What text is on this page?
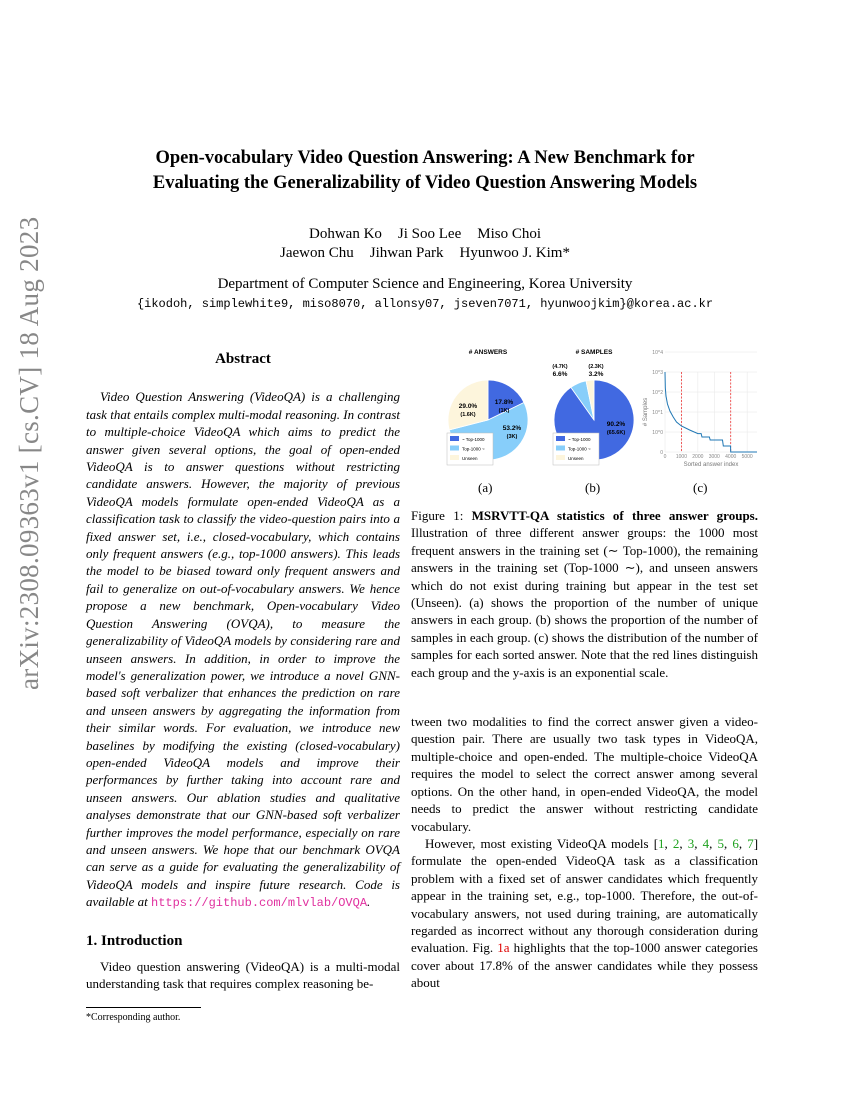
arXiv:2308.09363v1 [cs.CV] 18 Aug 2023
Open-vocabulary Video Question Answering: A New Benchmark for
Evaluating the Generalizability of Video Question Answering Models
Dohwan Ko Ji Soo Lee Miso Choi
Jaewon Chu Jihwan Park Hyunwoo J. Kim*
Department of Computer Science and Engineering, Korea University
{ikodoh, simplewhite9, miso8070, allonsy07, jseven7071, hyunwoojkim}@korea.ac.kr
Abstract
Video Question Answering (VideoQA) is a challenging task that entails complex multi-modal reasoning. In contrast to multiple-choice VideoQA which aims to predict the answer given several options, the goal of open-ended VideoQA is to answer questions without restricting candidate answers. However, the majority of previous VideoQA models formulate open-ended VideoQA as a classification task to classify the video-question pairs into a fixed answer set, i.e., closed-vocabulary, which contains only frequent answers (e.g., top-1000 answers). This leads the model to be biased toward only frequent answers and fail to generalize on out-of-vocabulary answers. We hence propose a new benchmark, Open-vocabulary Video Question Answering (OVQA), to measure the generalizability of VideoQA models by considering rare and unseen answers. In addition, in order to improve the model's generalization power, we introduce a novel GNN-based soft verbalizer that enhances the prediction on rare and unseen answers by aggregating the information from their similar words. For evaluation, we introduce new baselines by modifying the existing (closed-vocabulary) open-ended VideoQA models and improve their performances by further taking into account rare and unseen answers. Our ablation studies and qualitative analyses demonstrate that our GNN-based soft verbalizer further improves the model performance, especially on rare and unseen answers. We hope that our benchmark OVQA can serve as a guide for evaluating the generalizability of VideoQA models and inspire future research. Code is available at https://github.com/mlvlab/OVQA.
1. Introduction
Video question answering (VideoQA) is a multi-modal understanding task that requires complex reasoning be-
*Corresponding author.
# ANSWERS
~ Top-1000
Top-1000 ~
Unseen
17.8%
(1K)
53.2%
(3K)
29.0%
(1.6K)
# SAMPLES
~ Top-1000
Top-1000 ~
Unseen
90.2%
(65.6K)
6.6%
(4.7K)
3.2%
(2.3K)
0
10^0
10^1
10^2
10^3
10^4
0 1000 2000 3000 4000 5000
Sorted answer index
# Samples
(a)	(b)	(c)
Figure 1: MSRVTT-QA statistics of three answer groups. Illustration of three different answer groups: the 1000 most frequent answers in the training set (∼ Top-1000), the remaining answers in the training set (Top-1000 ∼), and unseen answers which do not exist during training but appear in the test set (Unseen). (a) shows the proportion of the number of unique answers in each group. (b) shows the proportion of the number of samples in each group. (c) shows the distribution of the number of samples for each sorted answer. Note that the red lines distinguish each group and the y-axis is an exponential scale.
tween two modalities to find the correct answer given a video-question pair. There are usually two task types in VideoQA, multiple-choice and open-ended. The multiple-choice VideoQA requires the model to select the correct answer among several options. On the other hand, in open-ended VideoQA, the model needs to predict the answer without restricting candidate vocabulary.
However, most existing VideoQA models [1, 2, 3, 4, 5, 6, 7] formulate the open-ended VideoQA task as a classification problem with a fixed set of answer candidates which frequently appear in the training set, e.g., top-1000. Therefore, the out-of-vocabulary answers, not used during training, are automatically regarded as incorrect without any thorough consideration during evaluation. Fig. 1a highlights that the top-1000 answer categories cover about 17.8% of the answer candidates while they possess about
